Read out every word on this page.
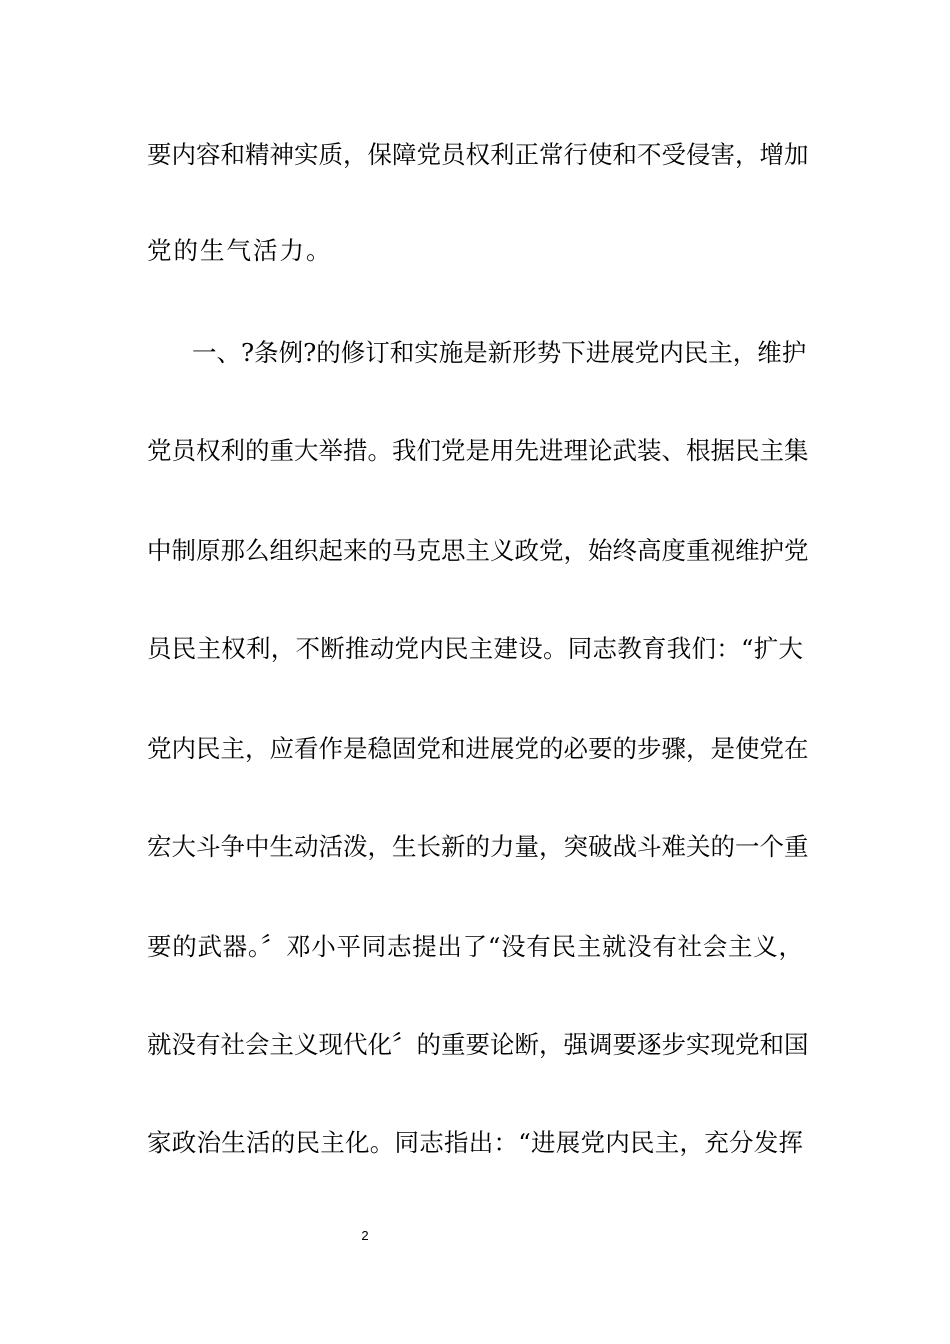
要内容和精神实质，保障党员权利正常行使和不受侵害，增加

党的生气活力。

一、?条例?的修订和实施是新形势下进展党内民主，维护

党员权利的重大举措。我们党是用先进理论武装、根据民主集

中制原那么组织起来的马克思主义政党，始终高度重视维护党

员民主权利，不断推动党内民主建设。同志教育我们：“扩大

党内民主，应看作是稳固党和进展党的必要的步骤，是使党在

宏大斗争中生动活泼，生长新的力量，突破战斗难关的一个重

要的武器。〞邓小平同志提出了“没有民主就没有社会主义，

就没有社会主义现代化〞的重要论断，强调要逐步实现党和国

家政治生活的民主化。同志指出：“进展党内民主，充分发挥

2
